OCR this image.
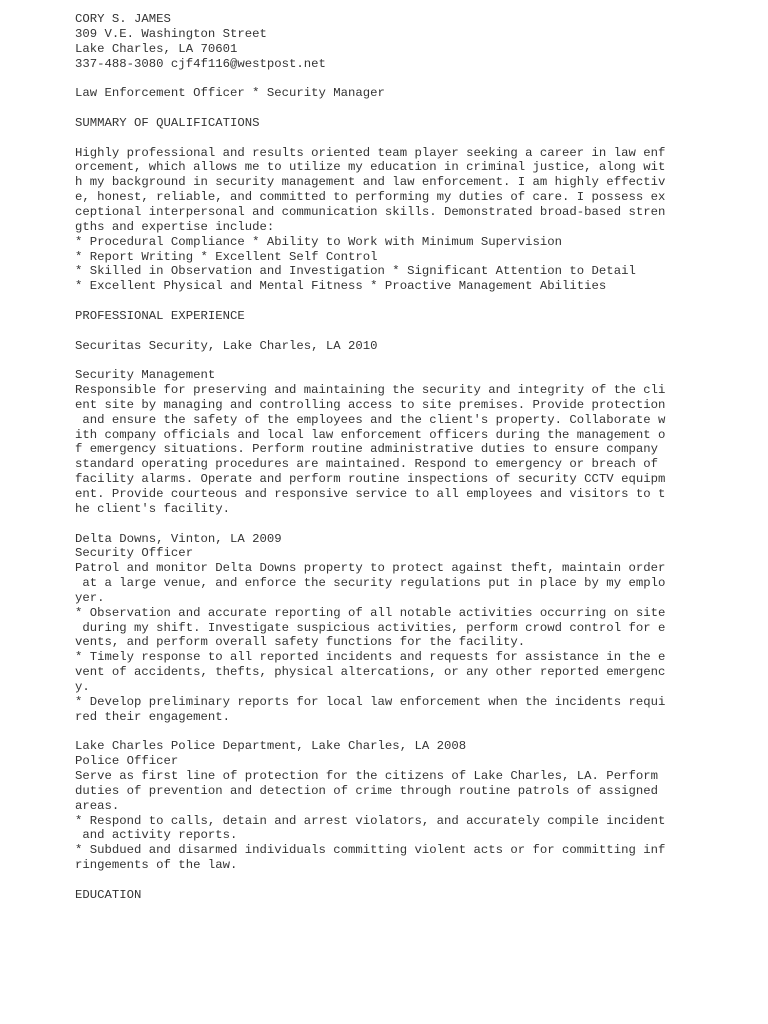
CORY S. JAMES
309 V.E. Washington Street
Lake Charles, LA 70601
337-488-3080 cjf4f116@westpost.net
Law Enforcement Officer * Security Manager
SUMMARY OF QUALIFICATIONS
Highly professional and results oriented team player seeking a career in law enf
orcement, which allows me to utilize my education in criminal justice, along wit
h my background in security management and law enforcement. I am highly effectiv
e, honest, reliable, and committed to performing my duties of care. I possess ex
ceptional interpersonal and communication skills. Demonstrated broad-based stren
gths and expertise include:
* Procedural Compliance * Ability to Work with Minimum Supervision
* Report Writing * Excellent Self Control
* Skilled in Observation and Investigation * Significant Attention to Detail
* Excellent Physical and Mental Fitness * Proactive Management Abilities
PROFESSIONAL EXPERIENCE
Securitas Security, Lake Charles, LA 2010
Security Management
Responsible for preserving and maintaining the security and integrity of the cli
ent site by managing and controlling access to site premises. Provide protection
and ensure the safety of the employees and the client's property. Collaborate w
ith company officials and local law enforcement officers during the management o
f emergency situations. Perform routine administrative duties to ensure company
standard operating procedures are maintained. Respond to emergency or breach of
facility alarms. Operate and perform routine inspections of security CCTV equipm
ent. Provide courteous and responsive service to all employees and visitors to t
he client's facility.
Delta Downs, Vinton, LA 2009
Security Officer
Patrol and monitor Delta Downs property to protect against theft, maintain order
at a large venue, and enforce the security regulations put in place by my emplo
yer.
* Observation and accurate reporting of all notable activities occurring on site
during my shift. Investigate suspicious activities, perform crowd control for e
vents, and perform overall safety functions for the facility.
* Timely response to all reported incidents and requests for assistance in the e
vent of accidents, thefts, physical altercations, or any other reported emergenc
y.
* Develop preliminary reports for local law enforcement when the incidents requi
red their engagement.
Lake Charles Police Department, Lake Charles, LA 2008
Police Officer
Serve as first line of protection for the citizens of Lake Charles, LA. Perform
duties of prevention and detection of crime through routine patrols of assigned
areas.
* Respond to calls, detain and arrest violators, and accurately compile incident
and activity reports.
* Subdued and disarmed individuals committing violent acts or for committing inf
ringements of the law.
EDUCATION
